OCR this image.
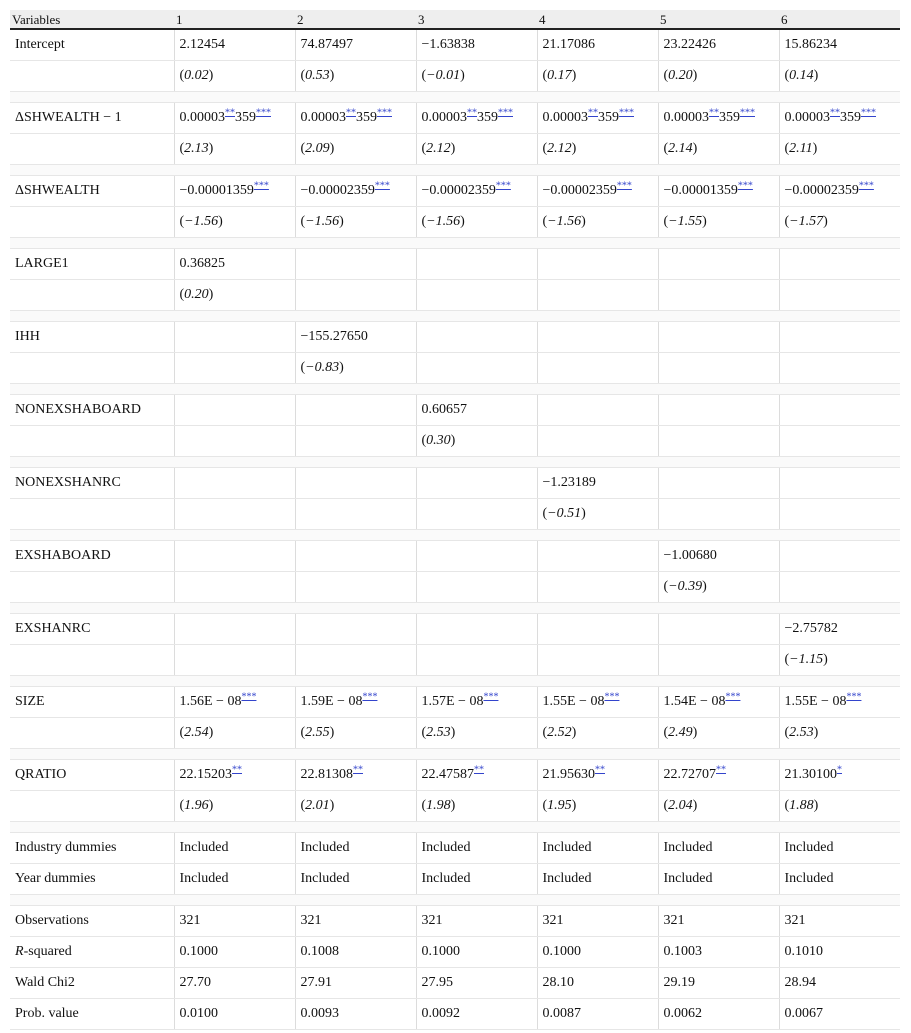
Variables	1	2	3	4	5	6
Intercept	2.12454	74.87497	−1.63838	21.17086	23.22426	15.86234
	(0.02)	(0.53)	(−0.01)	(0.17)	(0.20)	(0.14)

ΔSHWEALTH − 1	0.00003**359***	0.00003**359***	0.00003**359***	0.00003**359***	0.00003**359***	0.00003**359***
	(2.13)	(2.09)	(2.12)	(2.12)	(2.14)	(2.11)

ΔSHWEALTH	−0.00001359***	−0.00002359***	−0.00002359***	−0.00002359***	−0.00001359***	−0.00002359***
	(−1.56)	(−1.56)	(−1.56)	(−1.56)	(−1.55)	(−1.57)

LARGE1	0.36825					
	(0.20)					

IHH		−155.27650				
		(−0.83)				

NONEXSHABOARD			0.60657			
			(0.30)			

NONEXSHANRC				−1.23189		
				(−0.51)		

EXSHABOARD					−1.00680	
					(−0.39)	

EXSHANRC						−2.75782
						(−1.15)

SIZE	1.56E − 08***	1.59E − 08***	1.57E − 08***	1.55E − 08***	1.54E − 08***	1.55E − 08***
	(2.54)	(2.55)	(2.53)	(2.52)	(2.49)	(2.53)

QRATIO	22.15203**	22.81308**	22.47587**	21.95630**	22.72707**	21.30100*
	(1.96)	(2.01)	(1.98)	(1.95)	(2.04)	(1.88)

Industry dummies	Included	Included	Included	Included	Included	Included
Year dummies	Included	Included	Included	Included	Included	Included

Observations	321	321	321	321	321	321
R-squared	0.1000	0.1008	0.1000	0.1000	0.1003	0.1010
Wald Chi2	27.70	27.91	27.95	28.10	29.19	28.94
Prob. value	0.0100	0.0093	0.0092	0.0087	0.0062	0.0067
